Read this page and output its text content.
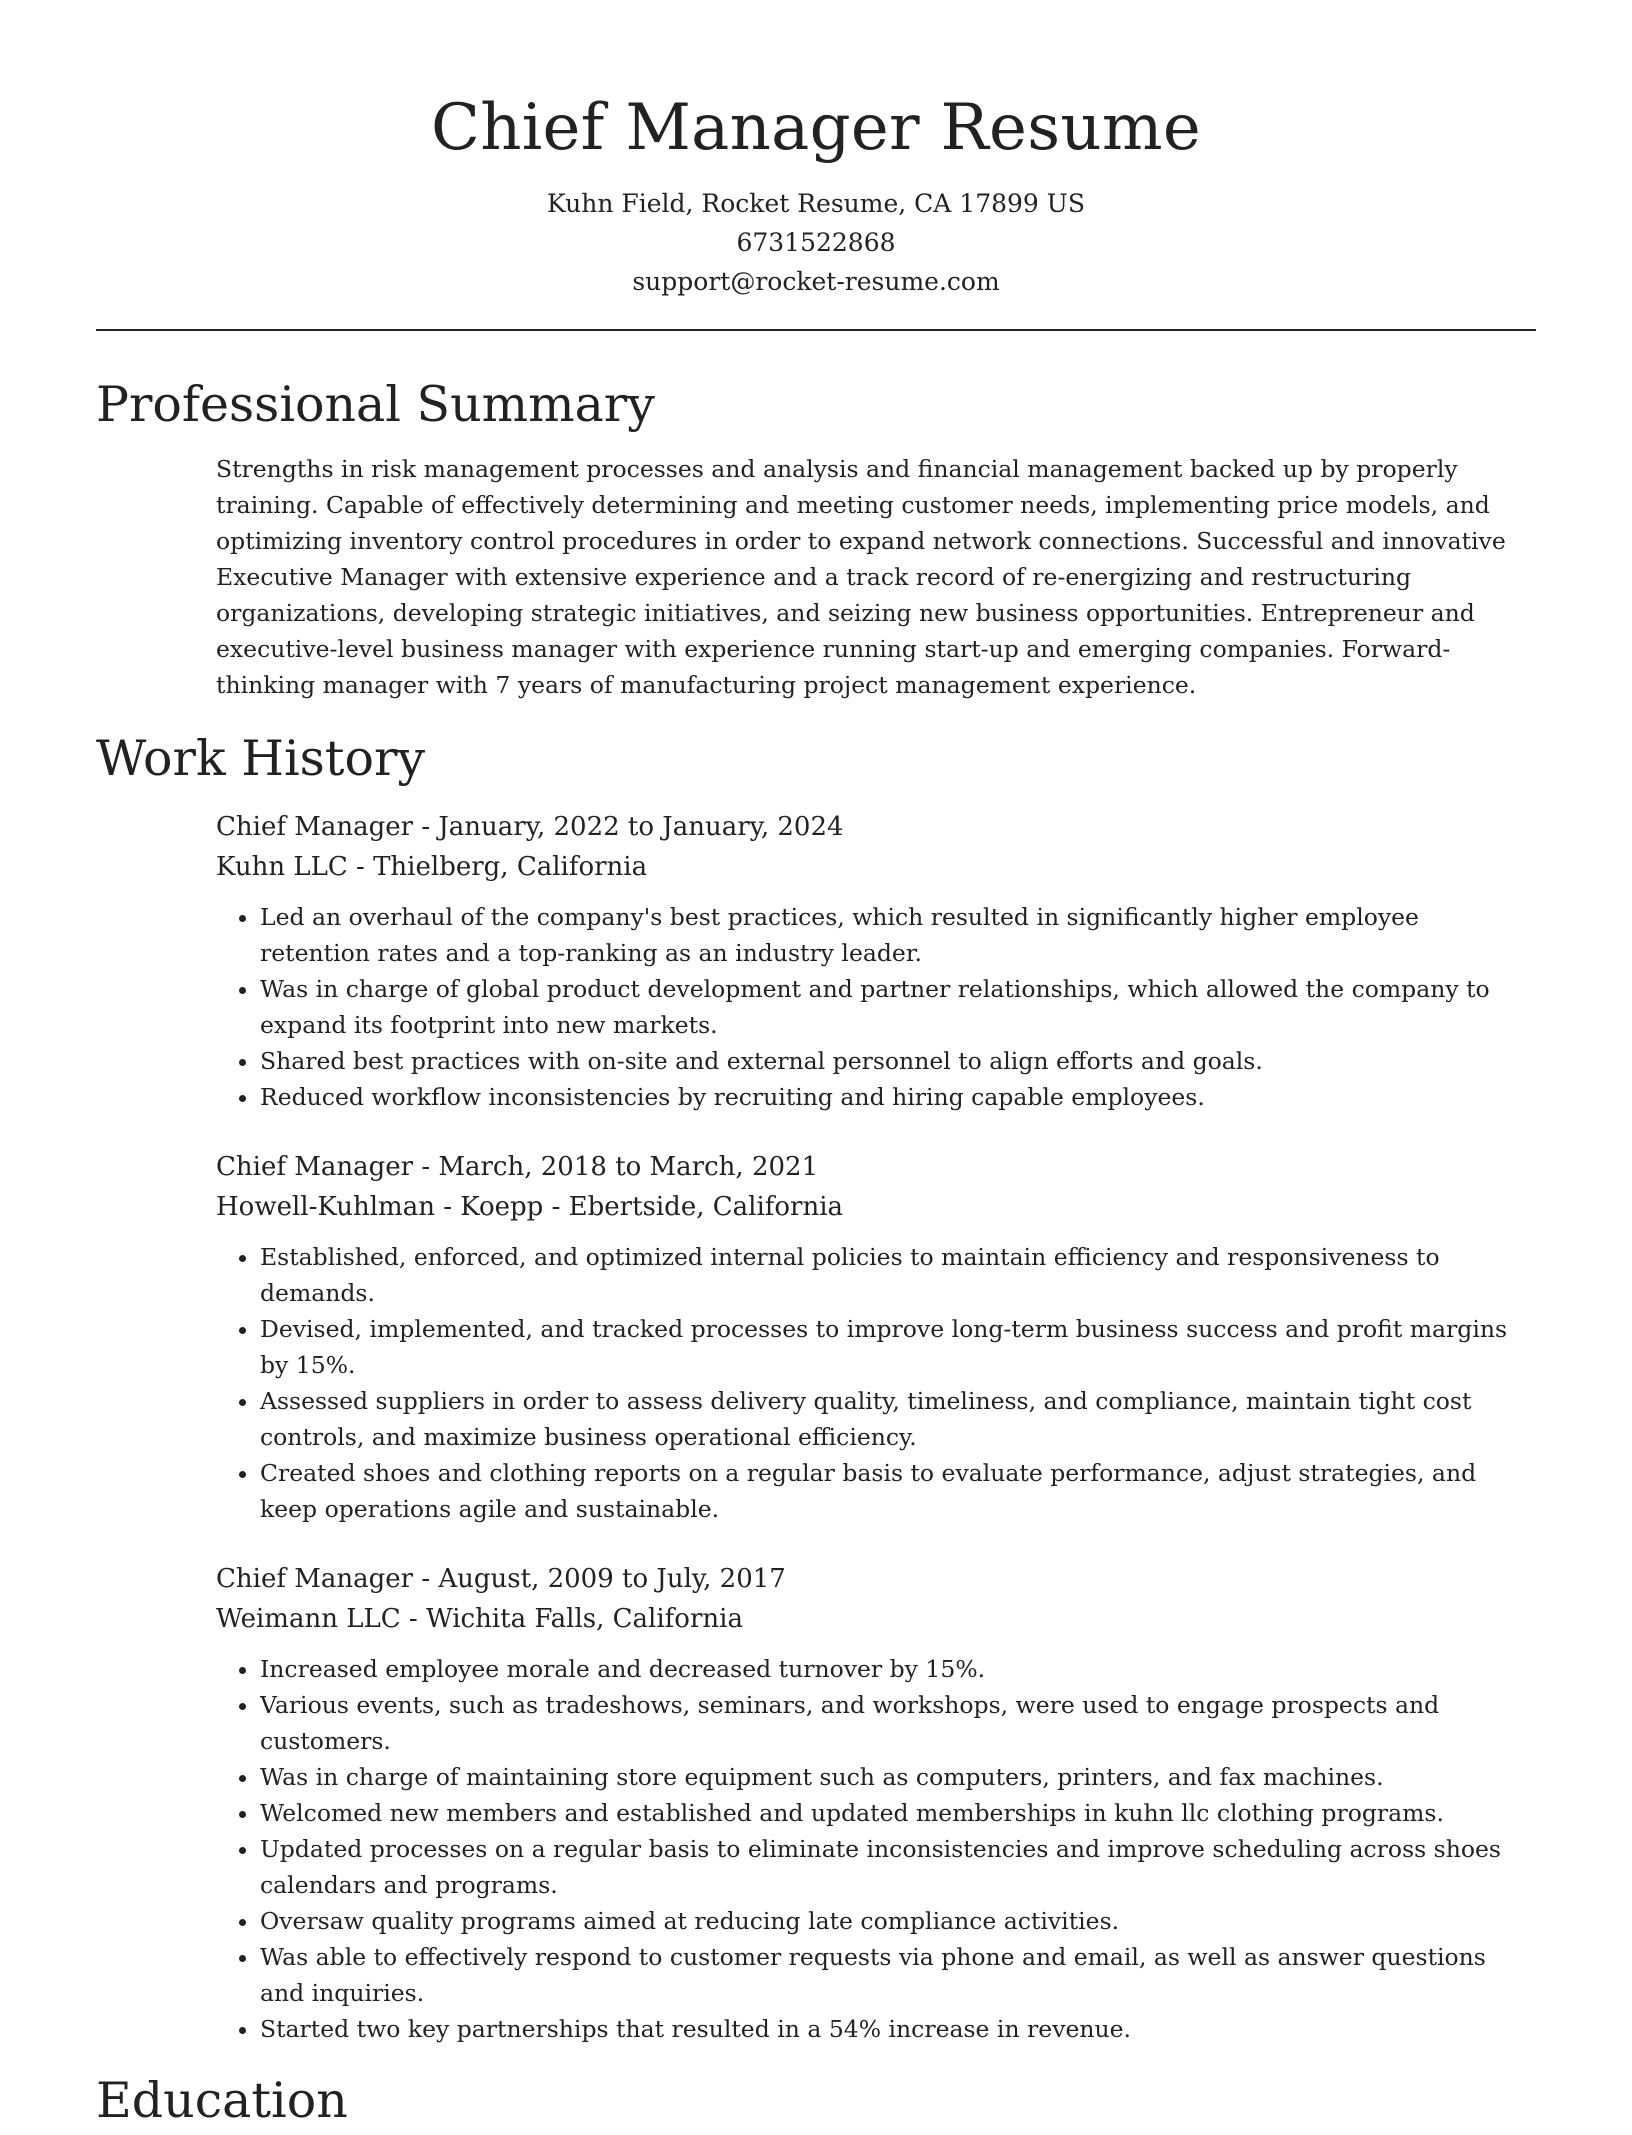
Chief Manager Resume

Kuhn Field, Rocket Resume, CA 17899 US

6731522868

support@rocket-resume.com

Professional Summary

Strengths in risk management processes and analysis and financial management backed up by properly training. Capable of effectively determining and meeting customer needs, implementing price models, and optimizing inventory control procedures in order to expand network connections. Successful and innovative Executive Manager with extensive experience and a track record of re-energizing and restructuring organizations, developing strategic initiatives, and seizing new business opportunities. Entrepreneur and executive-level business manager with experience running start-up and emerging companies. Forward-thinking manager with 7 years of manufacturing project management experience.

Work History

Chief Manager - January, 2022 to January, 2024

Kuhn LLC - Thielberg, California

• Led an overhaul of the company's best practices, which resulted in significantly higher employee retention rates and a top-ranking as an industry leader.
• Was in charge of global product development and partner relationships, which allowed the company to expand its footprint into new markets.
• Shared best practices with on-site and external personnel to align efforts and goals.
• Reduced workflow inconsistencies by recruiting and hiring capable employees.

Chief Manager - March, 2018 to March, 2021

Howell-Kuhlman - Koepp - Ebertside, California

• Established, enforced, and optimized internal policies to maintain efficiency and responsiveness to demands.
• Devised, implemented, and tracked processes to improve long-term business success and profit margins by 15%.
• Assessed suppliers in order to assess delivery quality, timeliness, and compliance, maintain tight cost controls, and maximize business operational efficiency.
• Created shoes and clothing reports on a regular basis to evaluate performance, adjust strategies, and keep operations agile and sustainable.

Chief Manager - August, 2009 to July, 2017

Weimann LLC - Wichita Falls, California

• Increased employee morale and decreased turnover by 15%.
• Various events, such as tradeshows, seminars, and workshops, were used to engage prospects and customers.
• Was in charge of maintaining store equipment such as computers, printers, and fax machines.
• Welcomed new members and established and updated memberships in kuhn llc clothing programs.
• Updated processes on a regular basis to eliminate inconsistencies and improve scheduling across shoes calendars and programs.
• Oversaw quality programs aimed at reducing late compliance activities.
• Was able to effectively respond to customer requests via phone and email, as well as answer questions and inquiries.
• Started two key partnerships that resulted in a 54% increase in revenue.
Education
